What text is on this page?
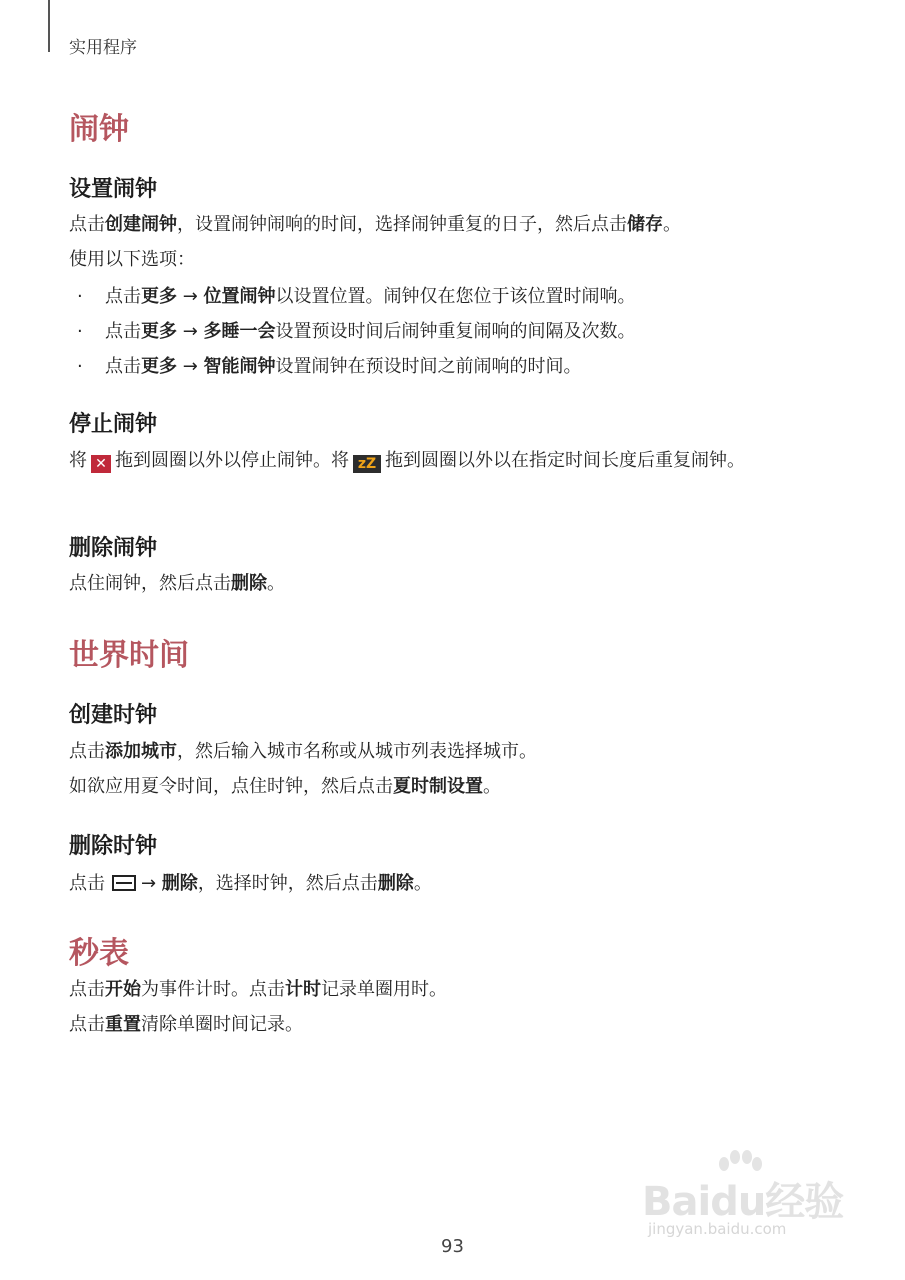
实用程序
闹钟
设置闹钟
点击创建闹钟，设置闹钟闹响的时间，选择闹钟重复的日子，然后点击储存。
使用以下选项：
· 点击更多 → 位置闹钟以设置位置。闹钟仅在您位于该位置时闹响。
· 点击更多 → 多睡一会设置预设时间后闹钟重复闹响的间隔及次数。
· 点击更多 → 智能闹钟设置闹钟在预设时间之前闹响的时间。
停止闹钟
将 ✕ 拖到圆圈以外以停止闹钟。将 zZ 拖到圆圈以外以在指定时间长度后重复闹钟。
删除闹钟
点住闹钟，然后点击删除。
世界时间
创建时钟
点击添加城市，然后输入城市名称或从城市列表选择城市。
如欲应用夏令时间，点住时钟，然后点击夏时制设置。
删除时钟
点击 → 删除，选择时钟，然后点击删除。
秒表
点击开始为事件计时。点击计时记录单圈用时。
点击重置清除单圈时间记录。
Baidu经验
jingyan.baidu.com
93
